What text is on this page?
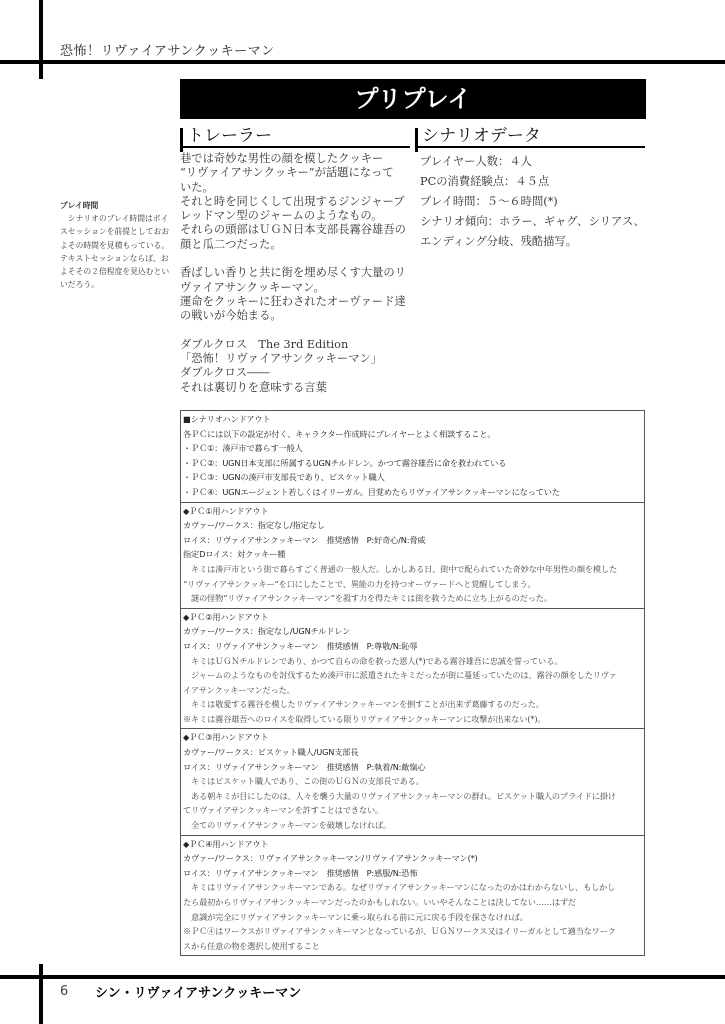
恐怖！リヴァイアサンクッキーマン
プリプレイ
トレーラー	シナリオデータ
巷では奇妙な男性の顔を模したクッキー
“リヴァイアサンクッキー”が話題になって
いた。
それと時を同じくして出現するジンジャーブ
レッドマン型のジャームのようなもの。
それらの頭部はＵＧＮ日本支部長霧谷雄吾の
顔と瓜二つだった。
香ばしい香りと共に街を埋め尽くす大量のリ
ヴァイアサンクッキーマン。
運命をクッキーに狂わされたオーヴァード達
の戦いが今始まる。
ダブルクロス　The 3rd Edition
「恐怖！リヴァイアサンクッキーマン」
ダブルクロス――
それは裏切りを意味する言葉
プレイヤー人数：４人
PCの消費経験点：４５点
プレイ時間：５～６時間(*)
シナリオ傾向：ホラー、ギャグ、シリアス、
エンディング分岐、残酷描写。
プレイ時間
　シナリオのプレイ時間はボイスセッションを前提としておおよその時間を見積もっている。テキストセッションならば、およそその２倍程度を見込むといいだろう。
■シナリオハンドアウト
各ＰＣには以下の設定が付く、キャラクター作成時にプレイヤーとよく相談すること。
・ＰＣ①：湊戸市で暮らす一般人
・ＰＣ②：UGN日本支部に所属するUGNチルドレン。かつて霧谷雄吾に命を救われている
・ＰＣ③：UGNの湊戸市支部長であり、ビスケット職人
・ＰＣ④：UGNエージェント若しくはイリーガル。目覚めたらリヴァイアサンクッキーマンになっていた
◆ＰＣ①用ハンドアウト
カヴァー/ワークス：指定なし/指定なし
ロイス：リヴァイアサンクッキーマン　推奨感情　P:好奇心/N:脅威
指定Dロイス：対クッキー種
　キミは湊戸市という街で暮らすごく普通の一般人だ。しかしある日、街中で配られていた奇妙な中年男性の顔を模した
“リヴァイアサンクッキー”を口にしたことで、異能の力を持つオーヴァードへと覚醒してしまう。
　謎の怪物“リヴァイアサンクッキーマン”を殺す力を得たキミは街を救うために立ち上がるのだった。
◆ＰＣ②用ハンドアウト
カヴァー/ワークス：指定なし/UGNチルドレン
ロイス：リヴァイアサンクッキーマン　推奨感情　P:尊敬/N:恥辱
　キミはＵＧＮチルドレンであり、かつて自らの命を救った恩人(*)である霧谷雄吾に忠誠を誓っている。
　ジャームのようなものを討伐するため湊戸市に派遣されたキミだったが街に蔓延っていたのは、霧谷の顔をしたリヴァ
イアサンクッキーマンだった。
　キミは敬愛する霧谷を模したリヴァイアサンクッキーマンを倒すことが出来ず葛藤するのだった。
※キミは霧谷雄吾へのロイスを取得している限りリヴァイアサンクッキーマンに攻撃が出来ない(*)。
◆ＰＣ③用ハンドアウト
カヴァー/ワークス：ビスケット職人/UGN支部長
ロイス：リヴァイアサンクッキーマン　推奨感情　P:執着/N:敵愾心
　キミはビスケット職人であり、この街のＵＧＮの支部長である。
　ある朝キミが目にしたのは、人々を襲う大量のリヴァイアサンクッキーマンの群れ。ビスケット職人のプライドに掛け
てリヴァイアサンクッキーマンを許すことはできない。
　全てのリヴァイアサンクッキーマンを破壊しなければ。
◆ＰＣ④用ハンドアウト
カヴァー/ワークス：リヴァイアサンクッキーマン/リヴァイアサンクッキーマン(*)
ロイス：リヴァイアサンクッキーマン　推奨感情　P:感服/N:恐怖
　キミはリヴァイアサンクッキーマンである。なぜリヴァイアサンクッキーマンになったのかはわからないし、もしかし
たら最初からリヴァイアサンクッキーマンだったのかもしれない。いいやそんなことは決してない……はずだ
　意識が完全にリヴァイアサンクッキーマンに乗っ取られる前に元に戻る手段を探さなければ。
※ＰＣ④はワークスがリヴァイアサンクッキーマンとなっているが、ＵＧＮワークス又はイリーガルとして適当なワーク
スから任意の物を選択し使用すること
6 シン・リヴァイアサンクッキーマン
